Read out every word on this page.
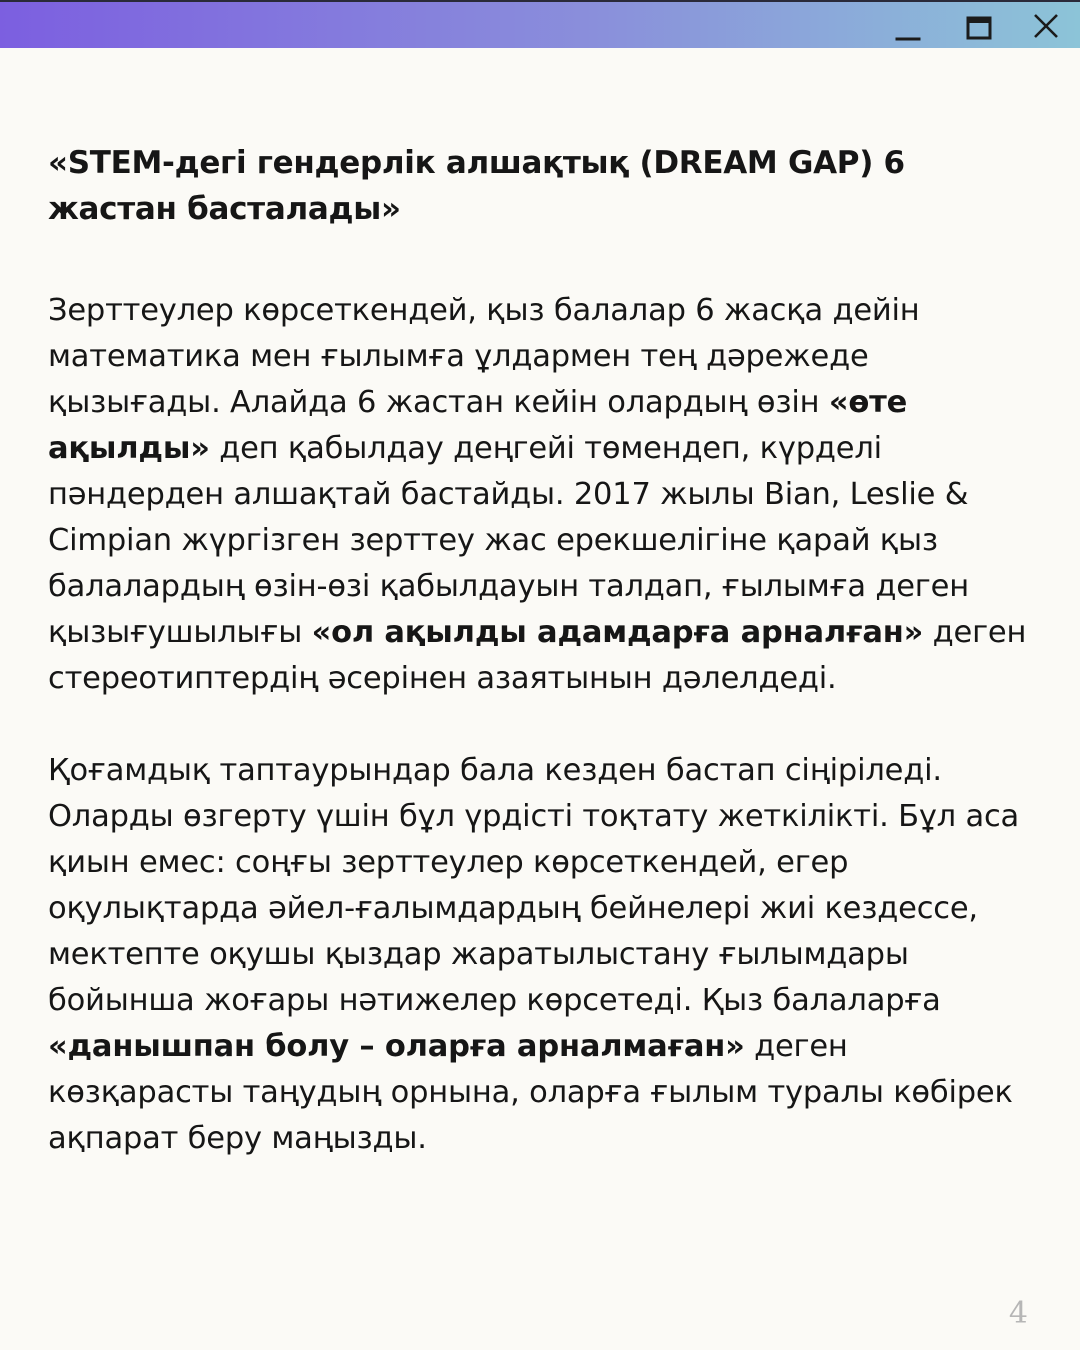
«STEM-дегі гендерлік алшақтық (DREAM GAP) 6 жастан басталады»

Зерттеулер көрсеткендей, қыз балалар 6 жасқа дейін математика мен ғылымға ұлдармен тең дәрежеде қызығады. Алайда 6 жастан кейін олардың өзін «өте ақылды» деп қабылдау деңгейі төмендеп, күрделі пәндерден алшақтай бастайды. 2017 жылы Bian, Leslie & Cimpian жүргізген зерттеу жас ерекшелігіне қарай қыз балалардың өзін-өзі қабылдауын талдап, ғылымға деген қызығушылығы «ол ақылды адамдарға арналған» деген стереотиптердің әсерінен азаятынын дәлелдеді.

Қоғамдық таптаурындар бала кезден бастап сіңіріледі. Оларды өзгерту үшін бұл үрдісті тоқтату жеткілікті. Бұл аса қиын емес: соңғы зерттеулер көрсеткендей, егер оқулықтарда әйел-ғалымдардың бейнелері жиі кездессе, мектепте оқушы қыздар жаратылыстану ғылымдары бойынша жоғары нәтижелер көрсетеді. Қыз балаларға «данышпан болу – оларға арналмаған» деген көзқарасты таңудың орнына, оларға ғылым туралы көбірек ақпарат беру маңызды.

4
